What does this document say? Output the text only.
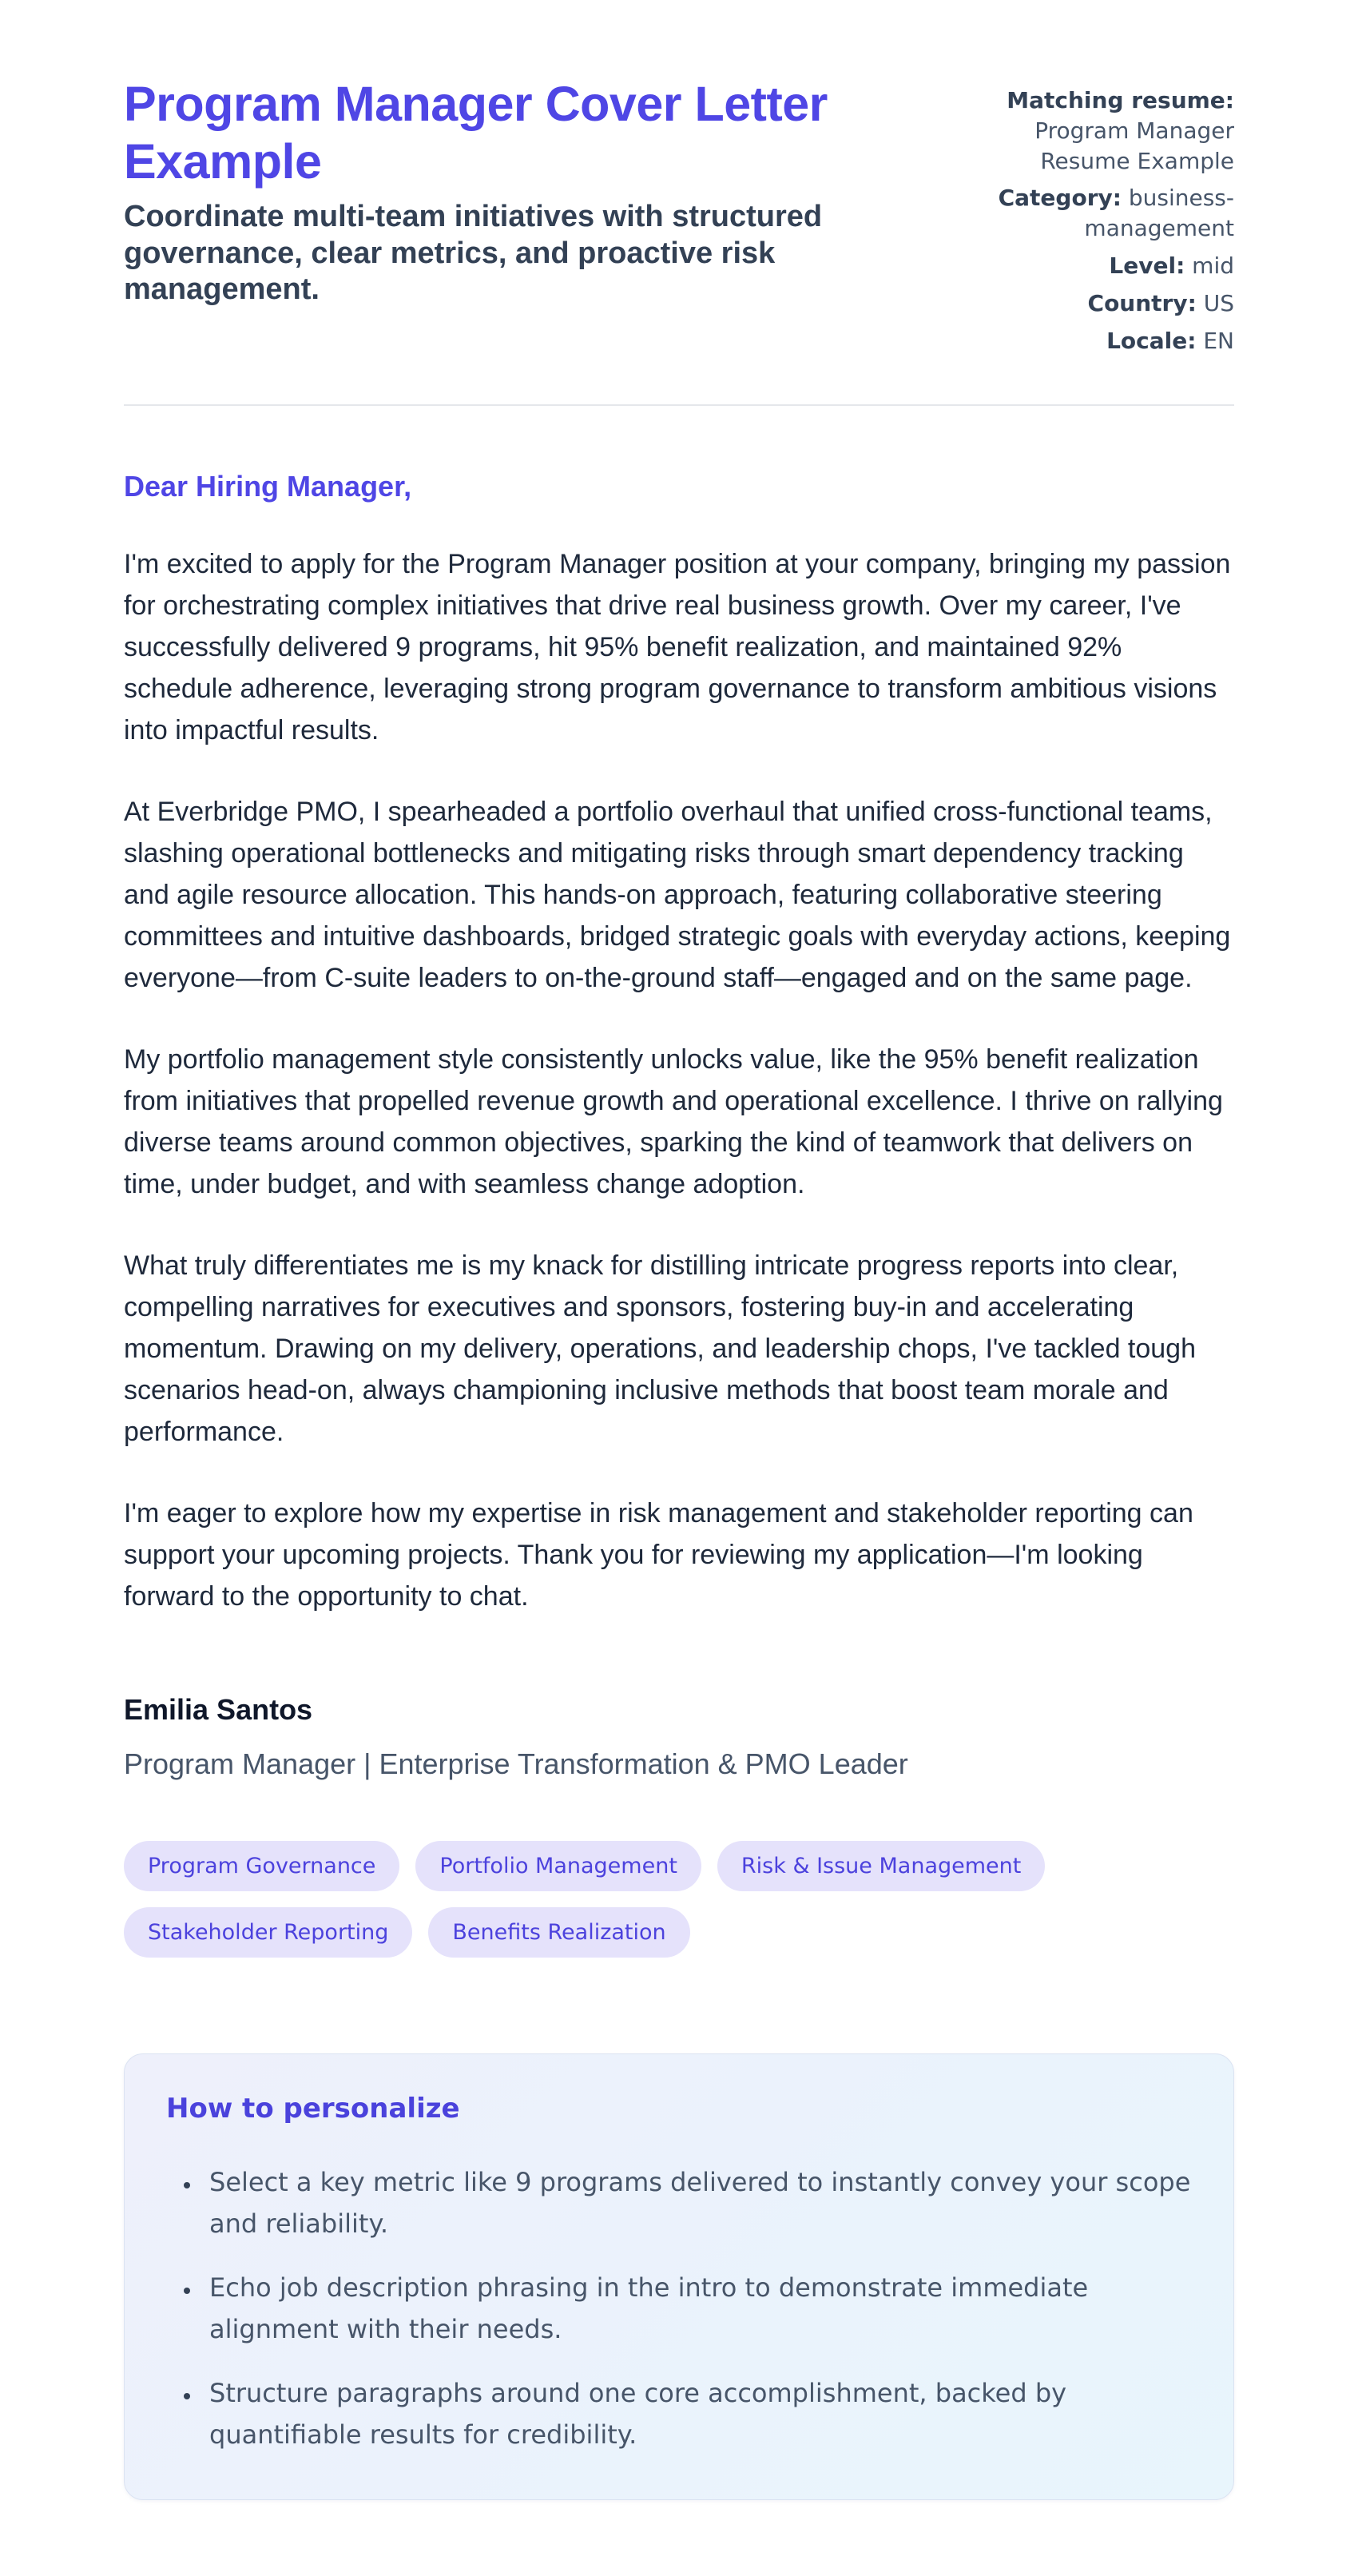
Program Manager Cover Letter Example

Coordinate multi-team initiatives with structured governance, clear metrics, and proactive risk management.

Matching resume: Program Manager Resume Example
Category: business-management
Level: mid
Country: US
Locale: EN

Dear Hiring Manager,

I'm excited to apply for the Program Manager position at your company, bringing my passion for orchestrating complex initiatives that drive real business growth. Over my career, I've successfully delivered 9 programs, hit 95% benefit realization, and maintained 92% schedule adherence, leveraging strong program governance to transform ambitious visions into impactful results.

At Everbridge PMO, I spearheaded a portfolio overhaul that unified cross-functional teams, slashing operational bottlenecks and mitigating risks through smart dependency tracking and agile resource allocation. This hands-on approach, featuring collaborative steering committees and intuitive dashboards, bridged strategic goals with everyday actions, keeping everyone—from C-suite leaders to on-the-ground staff—engaged and on the same page.

My portfolio management style consistently unlocks value, like the 95% benefit realization from initiatives that propelled revenue growth and operational excellence. I thrive on rallying diverse teams around common objectives, sparking the kind of teamwork that delivers on time, under budget, and with seamless change adoption.

What truly differentiates me is my knack for distilling intricate progress reports into clear, compelling narratives for executives and sponsors, fostering buy-in and accelerating momentum. Drawing on my delivery, operations, and leadership chops, I've tackled tough scenarios head-on, always championing inclusive methods that boost team morale and performance.

I'm eager to explore how my expertise in risk management and stakeholder reporting can support your upcoming projects. Thank you for reviewing my application—I'm looking forward to the opportunity to chat.

Emilia Santos

Program Manager | Enterprise Transformation & PMO Leader

Program Governance	Portfolio Management	Risk & Issue Management
Stakeholder Reporting	Benefits Realization
How to personalize
• Select a key metric like 9 programs delivered to instantly convey your scope and reliability.
• Echo job description phrasing in the intro to demonstrate immediate alignment with their needs.
• Structure paragraphs around one core accomplishment, backed by quantifiable results for credibility.
